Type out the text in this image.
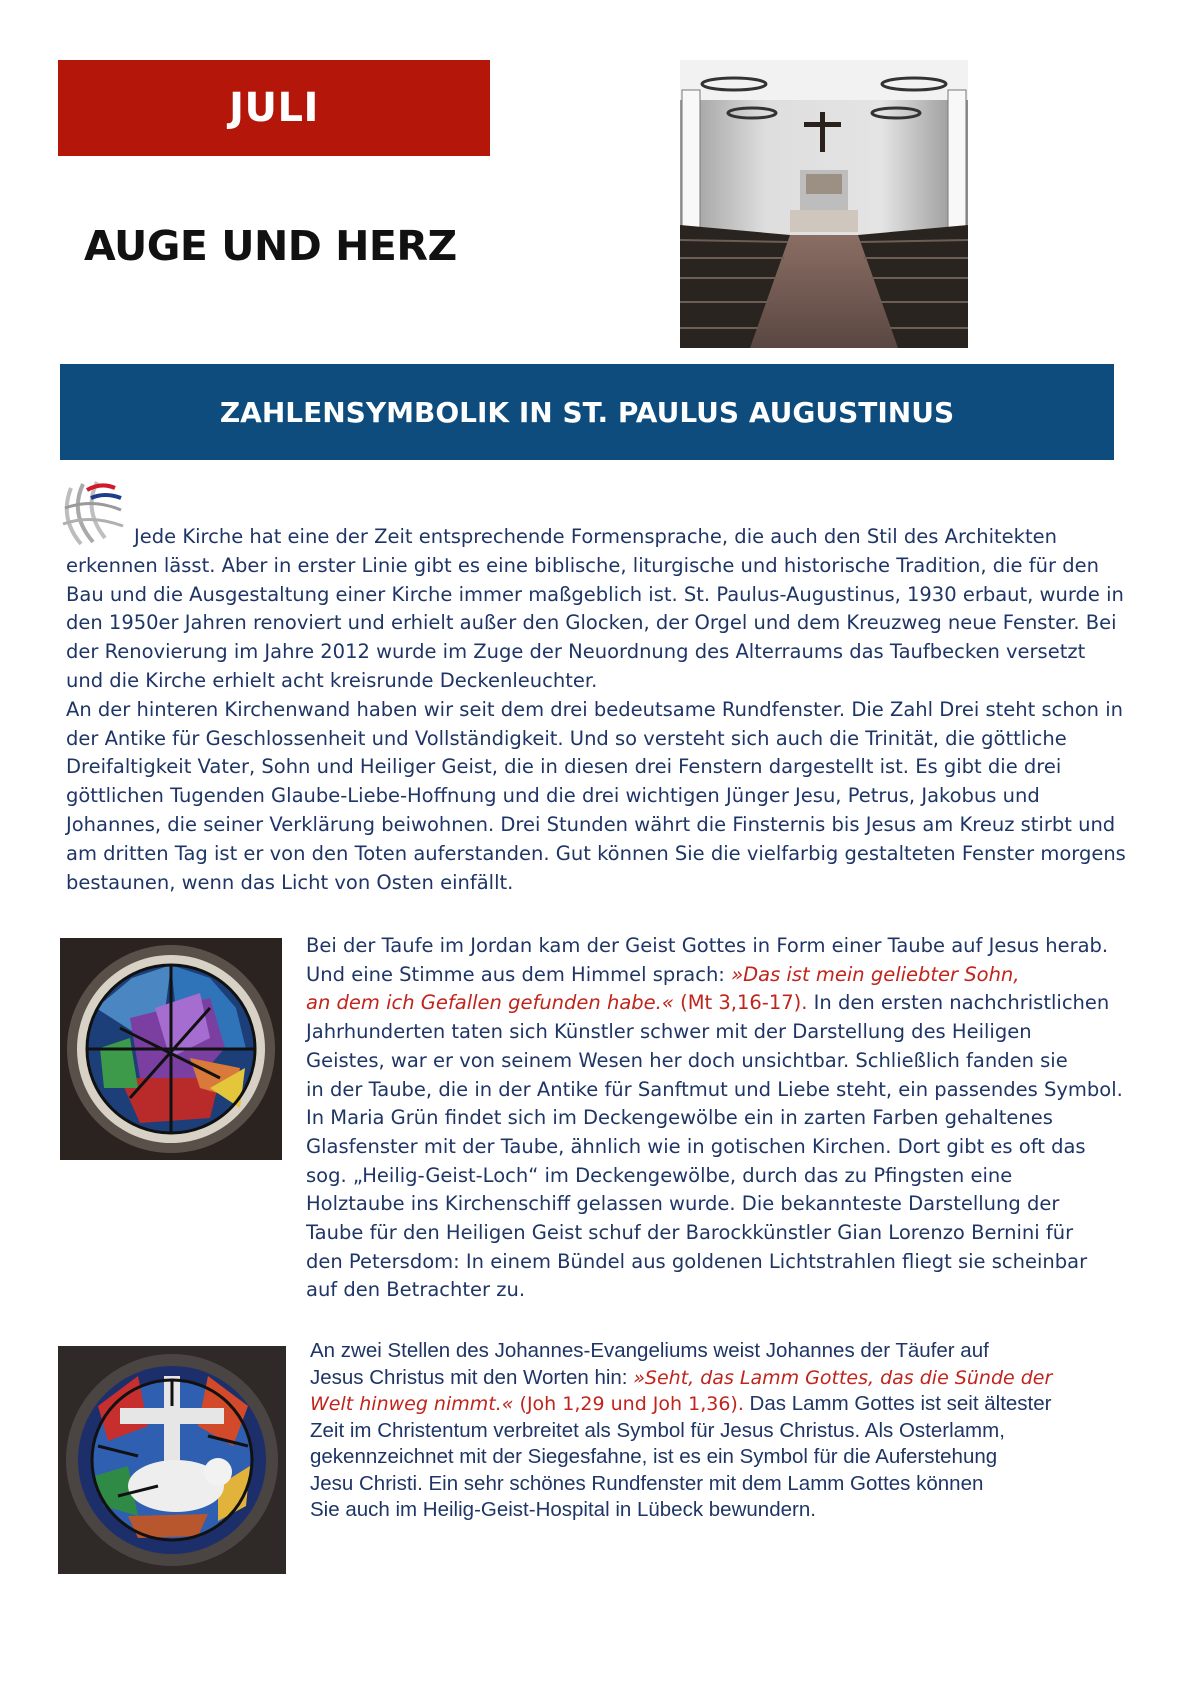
JULI
AUGE UND HERZ
ZAHLENSYMBOLIK IN ST. PAULUS AUGUSTINUS
Jede Kirche hat eine der Zeit entsprechende Formensprache, die auch den Stil des Architekten
erkennen lässt. Aber in erster Linie gibt es eine biblische, liturgische und historische Tradition, die für den
Bau und die Ausgestaltung einer Kirche immer maßgeblich ist. St. Paulus-Augustinus, 1930 erbaut, wurde in
den 1950er Jahren renoviert und erhielt außer den Glocken, der Orgel und dem Kreuzweg neue Fenster. Bei
der Renovierung im Jahre 2012 wurde im Zuge der Neuordnung des Alterraums das Taufbecken versetzt
und die Kirche erhielt acht kreisrunde Deckenleuchter.
An der hinteren Kirchenwand haben wir seit dem drei bedeutsame Rundfenster. Die Zahl Drei steht schon in
der Antike für Geschlossenheit und Vollständigkeit. Und so versteht sich auch die Trinität, die göttliche
Dreifaltigkeit Vater, Sohn und Heiliger Geist, die in diesen drei Fenstern dargestellt ist. Es gibt die drei
göttlichen Tugenden Glaube-Liebe-Hoffnung und die drei wichtigen Jünger Jesu, Petrus, Jakobus und
Johannes, die seiner Verklärung beiwohnen. Drei Stunden währt die Finsternis bis Jesus am Kreuz stirbt und
am dritten Tag ist er von den Toten auferstanden. Gut können Sie die vielfarbig gestalteten Fenster morgens
bestaunen, wenn das Licht von Osten einfällt.
Bei der Taufe im Jordan kam der Geist Gottes in Form einer Taube auf Jesus herab.
Und eine Stimme aus dem Himmel sprach: »Das ist mein geliebter Sohn,
an dem ich Gefallen gefunden habe.« (Mt 3,16-17). In den ersten nachchristlichen
Jahrhunderten taten sich Künstler schwer mit der Darstellung des Heiligen
Geistes, war er von seinem Wesen her doch unsichtbar. Schließlich fanden sie
in der Taube, die in der Antike für Sanftmut und Liebe steht, ein passendes Symbol.
In Maria Grün findet sich im Deckengewölbe ein in zarten Farben gehaltenes
Glasfenster mit der Taube, ähnlich wie in gotischen Kirchen. Dort gibt es oft das
sog. „Heilig-Geist-Loch“ im Deckengewölbe, durch das zu Pfingsten eine
Holztaube ins Kirchenschiff gelassen wurde. Die bekannteste Darstellung der
Taube für den Heiligen Geist schuf der Barockkünstler Gian Lorenzo Bernini für
den Petersdom: In einem Bündel aus goldenen Lichtstrahlen fliegt sie scheinbar
auf den Betrachter zu.
An zwei Stellen des Johannes-Evangeliums weist Johannes der Täufer auf
Jesus Christus mit den Worten hin: »Seht, das Lamm Gottes, das die Sünde der
Welt hinweg nimmt.« (Joh 1,29 und Joh 1,36). Das Lamm Gottes ist seit ältester
Zeit im Christentum verbreitet als Symbol für Jesus Christus. Als Osterlamm,
gekennzeichnet mit der Siegesfahne, ist es ein Symbol für die Auferstehung
Jesu Christi. Ein sehr schönes Rundfenster mit dem Lamm Gottes können
Sie auch im Heilig-Geist-Hospital in Lübeck bewundern.
